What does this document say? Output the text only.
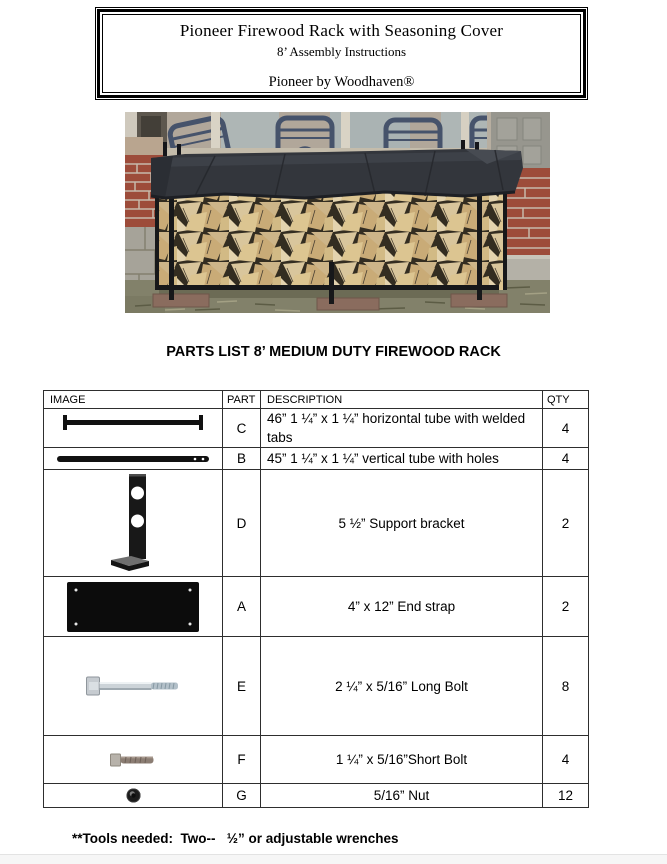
Pioneer Firewood Rack with Seasoning Cover
8’ Assembly Instructions
Pioneer by Woodhaven®
PARTS LIST 8’ MEDIUM DUTY FIREWOOD RACK
IMAGE	PART	DESCRIPTION	QTY

	C	46” 1 ¼” x 1 ¼” horizontal tube with welded tabs	4

	B	45” 1 ¼” x 1 ¼” vertical tube with holes	4

	D	5 ½” Support bracket	2

	A	4” x 12” End strap	2

	E	2 ¼” x 5/16” Long Bolt	8

	F	1 ¼” x 5/16”Short Bolt	4

	G	5/16” Nut	12
**Tools needed:  Two--   ½” or adjustable wrenches
